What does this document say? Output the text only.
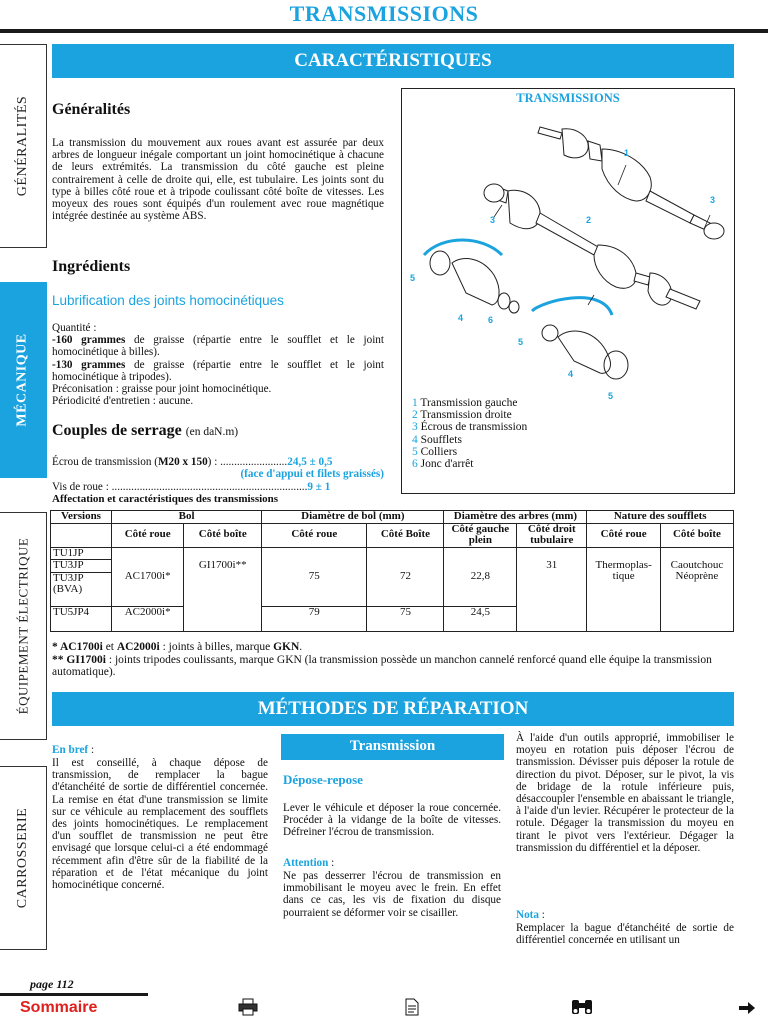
TRANSMISSIONS
GÉNÉRALITÉS
MÉCANIQUE
ÉQUIPEMENT ÉLECTRIQUE
CARROSSERIE
CARACTÉRISTIQUES
Généralités
La transmission du mouvement aux roues avant est assurée par deux arbres de longueur inégale comportant un joint homocinétique à chacune de leurs extrémités. La transmission du côté gauche est pleine contrairement à celle de droite qui, elle, est tubulaire. Les joints sont du type à billes côté roue et à tripode coulissant côté boîte de vitesses. Les moyeux des roues sont équipés d'un roulement avec roue magnétique intégrée destinée au système ABS.
Ingrédients
Lubrification des joints homocinétiques
Quantité :
-160 grammes de graisse (répartie entre le soufflet et le joint homocinétique à billes).
-130 grammes de graisse (répartie entre le soufflet et le joint homocinétique à tripodes).
Préconisation : graisse pour joint homocinétique.
Périodicité d'entretien : aucune.
Couples de serrage (en daN.m)
Écrou de transmission (M20 x 150) : ........................24,5 ± 0,5
(face d'appui et filets graissés)
Vis de roue : ......................................................................9 ± 1
TRANSMISSIONS
1
2
3
3
4
4
5
5
5
6
1 Transmission gauche
2 Transmission droite
3 Écrous de transmission
4 Soufflets
5 Colliers
6 Jonc d'arrêt
Affectation et caractéristiques des transmissions
Versions	Bol		Diamètre de bol (mm)		Diamètre des arbres (mm)		Nature des soufflets	
	Côté roue	Côté boîte	Côté roue	Côté Boîte	Côté gauche plein	Côté droit tubulaire	Côté roue	Côté boîte

TU1JP
TU3JP
TU3JP (BVA)	AC1700i*	GI1700i**	75	72	22,8	31	Thermoplas-tique	Caoutchouc Néoprène
TU5JP4	AC2000i*		79	75	24,5			
* AC1700i et AC2000i : joints à billes, marque GKN.
** GI1700i : joints tripodes coulissants, marque GKN (la transmission possède un manchon cannelé renforcé quand elle équipe la transmission automatique).
MÉTHODES DE RÉPARATION
En bref :
Il est conseillé, à chaque dépose de transmission, de remplacer la bague d'étanchéité de sortie de différentiel concernée. La remise en état d'une transmission se limite sur ce véhicule au remplacement des soufflets des joints homocinétiques. Le remplacement d'un soufflet de transmission ne peut être envisagé que lorsque celui-ci a été endommagé récemment afin d'être sûr de la fiabilité de la réparation et de l'état mécanique du joint homocinétique concerné.
Transmission
Dépose-repose
Lever le véhicule et déposer la roue concernée. Procéder à la vidange de la boîte de vitesses. Défreiner l'écrou de transmission.
Attention :
Ne pas desserrer l'écrou de transmission en immobilisant le moyeu avec le frein. En effet dans ce cas, les vis de fixation du disque pourraient se déformer voir se cisailler.
À l'aide d'un outils approprié, immobiliser le moyeu en rotation puis déposer l'écrou de transmission. Dévisser puis déposer la rotule de direction du pivot. Déposer, sur le pivot, la vis de bridage de la rotule inférieure puis, désaccoupler l'ensemble en abaissant le triangle, à l'aide d'un levier. Récupérer le protecteur de la rotule. Dégager la transmission du moyeu en tirant le pivot vers l'extérieur. Dégager la transmission du différentiel et la déposer.
Nota :
Remplacer la bague d'étanchéité de sortie de différentiel concernée en utilisant un
page 112
Sommaire
